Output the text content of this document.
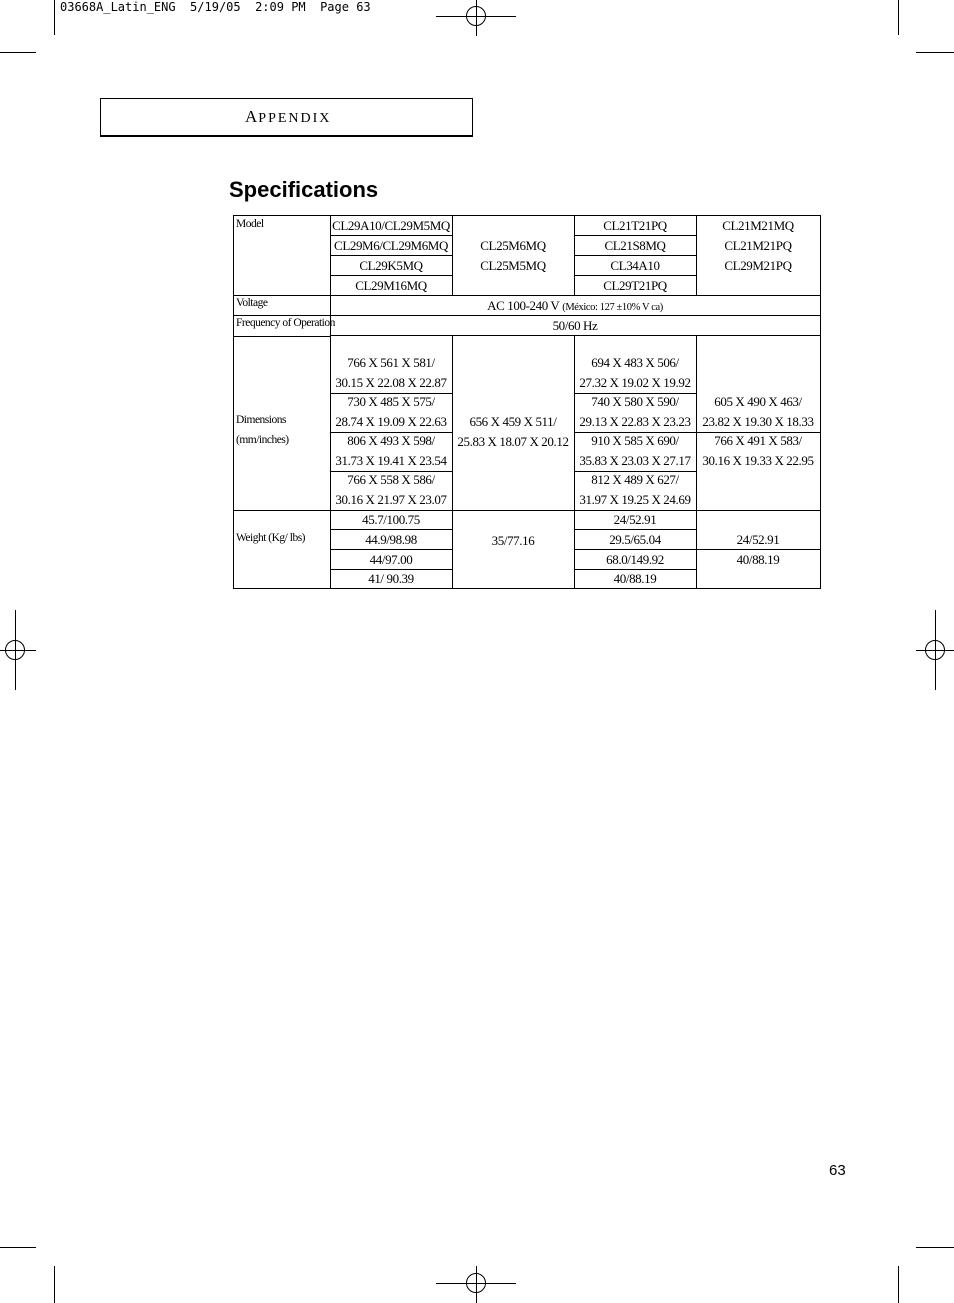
03668A_Latin_ENG  5/19/05  2:09 PM  Page 63
APPENDIX
Specifications
Model
Voltage
Frequency of Operation
Dimensions
(mm/inches)
Weight (Kg/ lbs)
CL29A10/CL29M5MQ
CL29M6/CL29M6MQ
CL29K5MQ
CL29M16MQ
CL25M6MQ
CL25M5MQ
CL21T21PQ
CL21S8MQ
CL34A10
CL29T21PQ
CL21M21MQ
CL21M21PQ
CL29M21PQ
AC 100-240 V (México: 127 ±10% V ca)
50/60 Hz
766 X 561 X 581/
30.15 X 22.08 X 22.87
730 X 485 X 575/
28.74 X 19.09 X 22.63
806 X 493 X 598/
31.73 X 19.41 X 23.54
766 X 558 X 586/
30.16 X 21.97 X 23.07
656 X 459 X 511/
25.83 X 18.07 X 20.12
694 X 483 X 506/
27.32 X 19.02 X 19.92
740 X 580 X 590/
29.13 X 22.83 X 23.23
910 X 585 X 690/
35.83 X 23.03 X 27.17
812 X 489 X 627/
31.97 X 19.25 X 24.69
605 X 490 X 463/
23.82 X 19.30 X 18.33
766 X 491 X 583/
30.16 X 19.33 X 22.95
45.7/100.75
44.9/98.98
44/97.00
41/ 90.39
35/77.16
24/52.91
29.5/65.04
68.0/149.92
40/88.19
24/52.91
40/88.19
63
